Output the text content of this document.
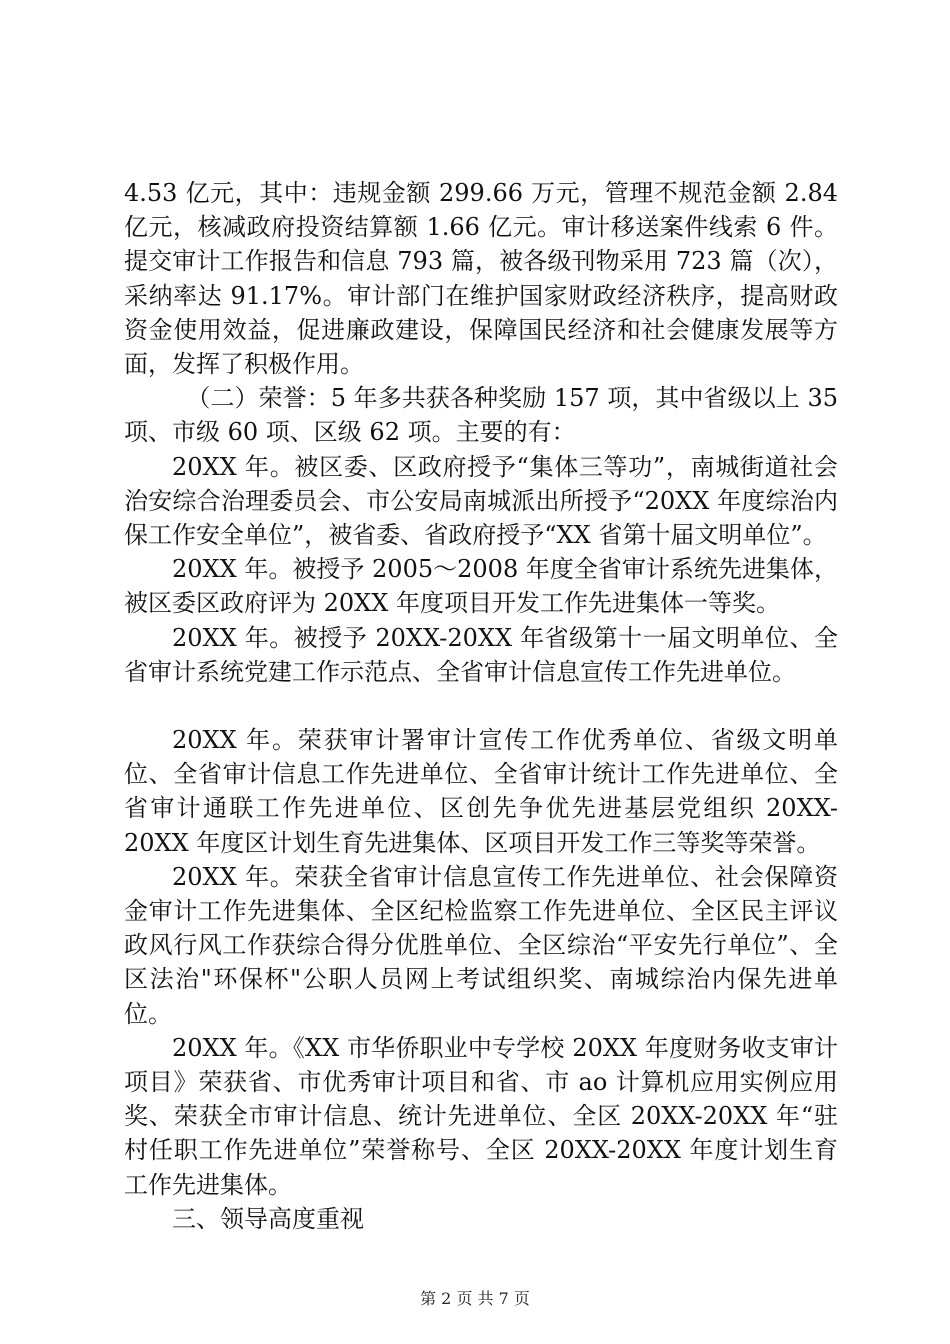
4.53 亿元，其中：违规金额 299.66 万元，管理不规范金额 2.84 亿元，核减政府投资结算额 1.66 亿元。审计移送案件线索 6 件。提交审计工作报告和信息 793 篇，被各级刊物采用 723 篇（次），采纳率达 91.17%。审计部门在维护国家财政经济秩序，提高财政资金使用效益，促进廉政建设，保障国民经济和社会健康发展等方面，发挥了积极作用。

（二）荣誉：5 年多共获各种奖励 157 项，其中省级以上 35 项、市级 60 项、区级 62 项。主要的有：

20XX 年。被区委、区政府授予“集体三等功”，南城街道社会治安综合治理委员会、市公安局南城派出所授予“20XX 年度综治内保工作安全单位”，被省委、省政府授予“XX 省第十届文明单位”。

20XX 年。被授予 2005～2008 年度全省审计系统先进集体，被区委区政府评为 20XX 年度项目开发工作先进集体一等奖。

20XX 年。被授予 20XX-20XX 年省级第十一届文明单位、全省审计系统党建工作示范点、全省审计信息宣传工作先进单位。

20XX 年。荣获审计署审计宣传工作优秀单位、省级文明单位、全省审计信息工作先进单位、全省审计统计工作先进单位、全省审计通联工作先进单位、区创先争优先进基层党组织 20XX-20XX 年度区计划生育先进集体、区项目开发工作三等奖等荣誉。

20XX 年。荣获全省审计信息宣传工作先进单位、社会保障资金审计工作先进集体、全区纪检监察工作先进单位、全区民主评议政风行风工作获综合得分优胜单位、全区综治“平安先行单位”、全区法治"环保杯"公职人员网上考试组织奖、南城综治内保先进单位。

20XX 年。《XX 市华侨职业中专学校 20XX 年度财务收支审计项目》荣获省、市优秀审计项目和省、市 ao 计算机应用实例应用奖、荣获全市审计信息、统计先进单位、全区 20XX-20XX 年“驻村任职工作先进单位”荣誉称号、全区 20XX-20XX 年度计划生育工作先进集体。

三、领导高度重视

第 2 页 共 7 页
